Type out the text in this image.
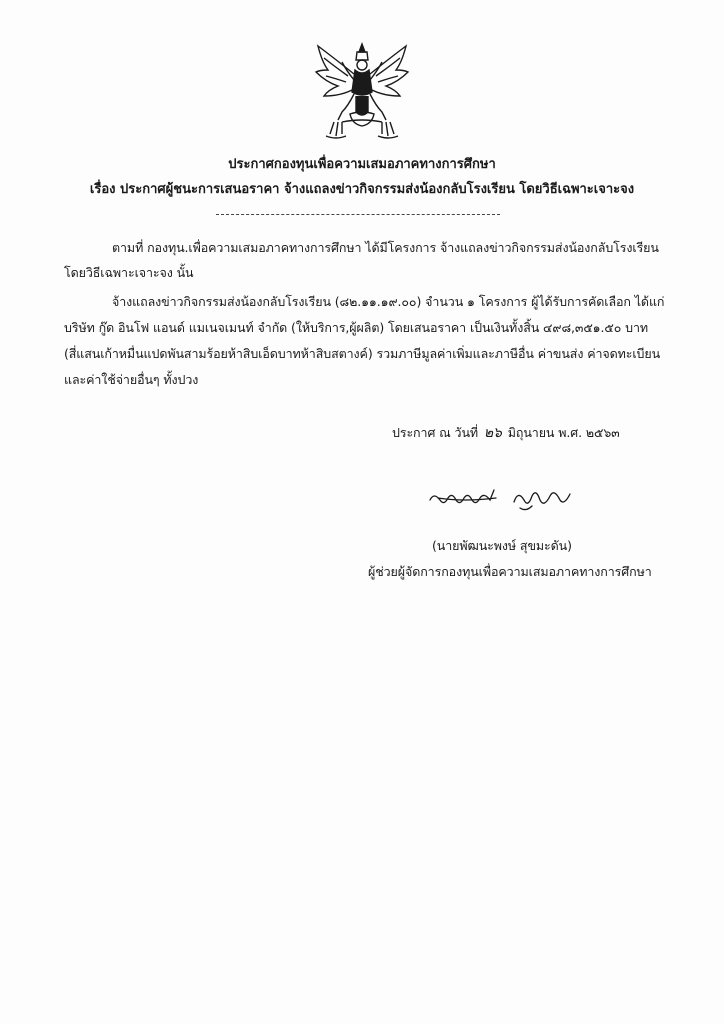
ประกาศกองทุนเพื่อความเสมอภาคทางการศึกษา
เรื่อง ประกาศผู้ชนะการเสนอราคา จ้างแถลงข่าวกิจกรรมส่งน้องกลับโรงเรียน โดยวิธีเฉพาะเจาะจง
ตามที่ กองทุน.เพื่อความเสมอภาคทางการศึกษา ได้มีโครงการ จ้างแถลงข่าวกิจกรรมส่งน้องกลับโรงเรียน
โดยวิธีเฉพาะเจาะจง นั้น
จ้างแถลงข่าวกิจกรรมส่งน้องกลับโรงเรียน (๘๒.๑๑.๑๙.๐๐) จำนวน ๑ โครงการ ผู้ได้รับการคัดเลือก ได้แก่
บริษัท กู๊ด อินโฟ แอนด์ แมเนจเมนท์ จำกัด (ให้บริการ,ผู้ผลิต) โดยเสนอราคา เป็นเงินทั้งสิ้น ๔๙๘,๓๕๑.๕๐ บาท
(สี่แสนเก้าหมื่นแปดพันสามร้อยห้าสิบเอ็ดบาทห้าสิบสตางค์) รวมภาษีมูลค่าเพิ่มและภาษีอื่น ค่าขนส่ง ค่าจดทะเบียน
และค่าใช้จ่ายอื่นๆ ทั้งปวง
ประกาศ ณ วันที่ ๒๖ มิถุนายน พ.ศ. ๒๕๖๓
(นายพัฒนะพงษ์ สุขมะดัน)
ผู้ช่วยผู้จัดการกองทุนเพื่อความเสมอภาคทางการศึกษา
